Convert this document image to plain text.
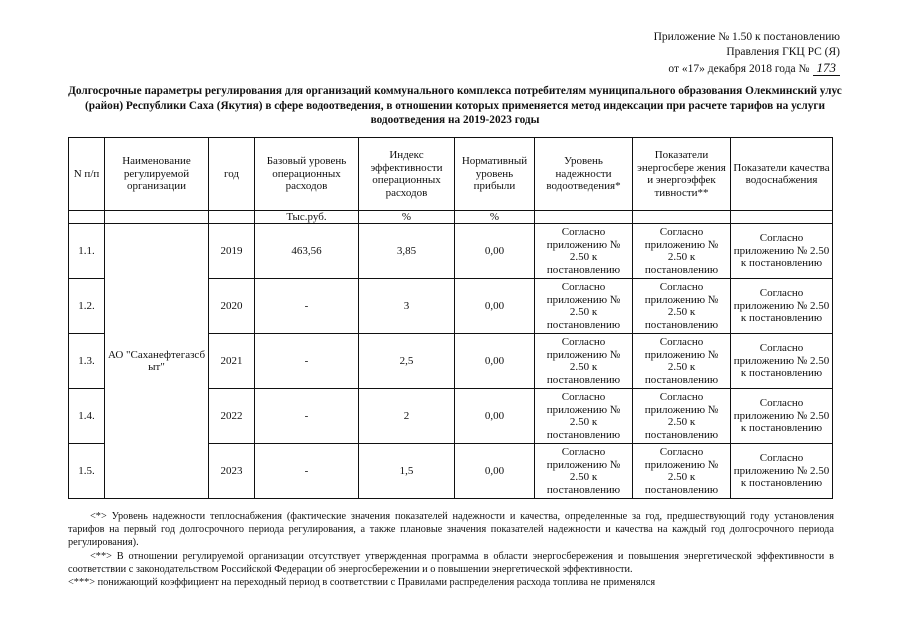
Приложение № 1.50 к постановлению
Правления ГКЦ РС (Я)
от «17» декабря 2018 года № 173
Долгосрочные параметры регулирования для организаций коммунального комплекса потребителям муниципального образования Олекминский улус (район) Республики Саха (Якутия) в сфере водоотведения, в отношении которых применяется метод индексации при расчете тарифов на услуги водоотведения на 2019-2023 годы
N п/п	Наименование регулируемой организации	год	Базовый уровень операционных расходов	Индекс эффективности операционных расходов	Нормативный уровень прибыли	Уровень надежности водоотведения*	Показатели энергосбере жения и энергоэффек тивности**	Показатели качества водоснабжения
			Тыс.руб.	%	%			
1.1.	АО "Саханефтегазсб ыт"	2019	463,56	3,85	0,00	Согласно приложению № 2.50 к постановлению	Согласно приложению № 2.50 к постановлению	Согласно приложению № 2.50 к постановлению
1.2.		2020	-	3	0,00	Согласно приложению № 2.50 к постановлению	Согласно приложению № 2.50 к постановлению	Согласно приложению № 2.50 к постановлению
1.3.		2021	-	2,5	0,00	Согласно приложению № 2.50 к постановлению	Согласно приложению № 2.50 к постановлению	Согласно приложению № 2.50 к постановлению
1.4.		2022	-	2	0,00	Согласно приложению № 2.50 к постановлению	Согласно приложению № 2.50 к постановлению	Согласно приложению № 2.50 к постановлению
1.5.		2023	-	1,5	0,00	Согласно приложению № 2.50 к постановлению	Согласно приложению № 2.50 к постановлению	Согласно приложению № 2.50 к постановлению

<*> Уровень надежности теплоснабжения (фактические значения показателей надежности и качества, определенные за год, предшествующий году установления тарифов на первый год долгосрочного периода регулирования, а также плановые значения показателей надежности и качества на каждый год долгосрочного периода регулирования).

<**> В отношении регулируемой организации отсутствует утвержденная программа в области энергосбережения и повышения энергетической эффективности в соответствии с законодательством Российской Федерации об энергосбережении и о повышении энергетической эффективности.

<***> понижающий коэффициент на переходный период в соответствии с Правилами распределения расхода топлива не применялся
